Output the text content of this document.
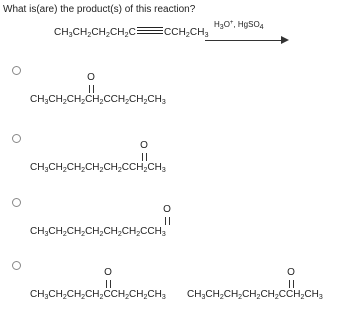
What is(are) the product(s) of this reaction?
$CH_3CH_2CH_2CH_2C$	$CCH_2CH_3$
$H_3O^+$, HgSO$_4$
O
$CH_3CH_2CH_2CH_2CCH_2CH_2CH_3$
O
$CH_3CH_2CH_2CH_2CH_2CCH_2CH_3$
O
$CH_3CH_2CH_2CH_2CH_2CH_2CCH_3$
O
$CH_3CH_2CH_2CH_2CCH_2CH_2CH_3$
O
$CH_3CH_2CH_2CH_2CH_2CCH_2CH_3$
